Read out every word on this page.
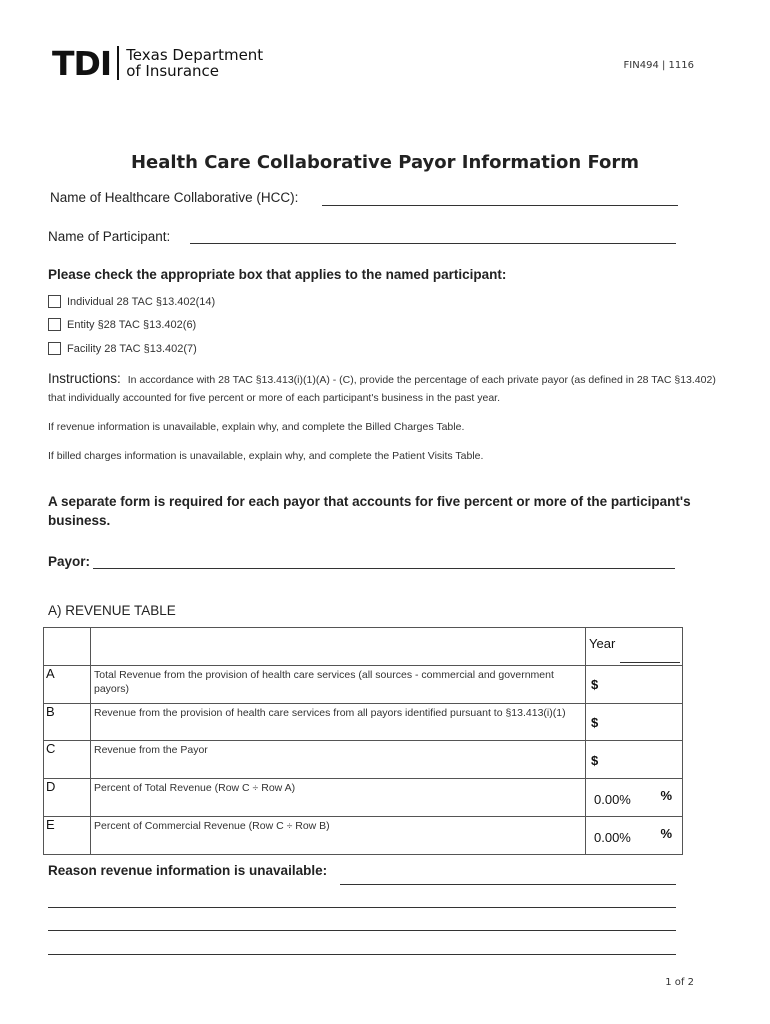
TDI Texas Department
of Insurance	FIN494 | 1116
Health Care Collaborative Payor Information Form
Name of Healthcare Collaborative (HCC):
Name of Participant:
Please check the appropriate box that applies to the named participant:
Individual 28 TAC §13.402(14)
Entity §28 TAC §13.402(6)
Facility 28 TAC §13.402(7)
Instructions: In accordance with 28 TAC §13.413(i)(1)(A) - (C), provide the percentage of each private payor (as defined in 28 TAC §13.402) that individually accounted for five percent or more of each participant's business in the past year.
If revenue information is unavailable, explain why, and complete the Billed Charges Table.
If billed charges information is unavailable, explain why, and complete the Patient Visits Table.
A separate form is required for each payor that accounts for five percent or more of the participant's business.
Payor:
A) REVENUE TABLE

		Year

A	Total Revenue from the provision of health care services (all sources - commercial and government payors)	$

B	Revenue from the provision of health care services from all payors identified pursuant to §13.413(i)(1)	$

C	Revenue from the Payor	$

D	Percent of Total Revenue (Row C ÷ Row A)	0.00% %

E	Percent of Commercial Revenue (Row C ÷ Row B)	0.00% %
Reason revenue information is unavailable:
1 of 2
